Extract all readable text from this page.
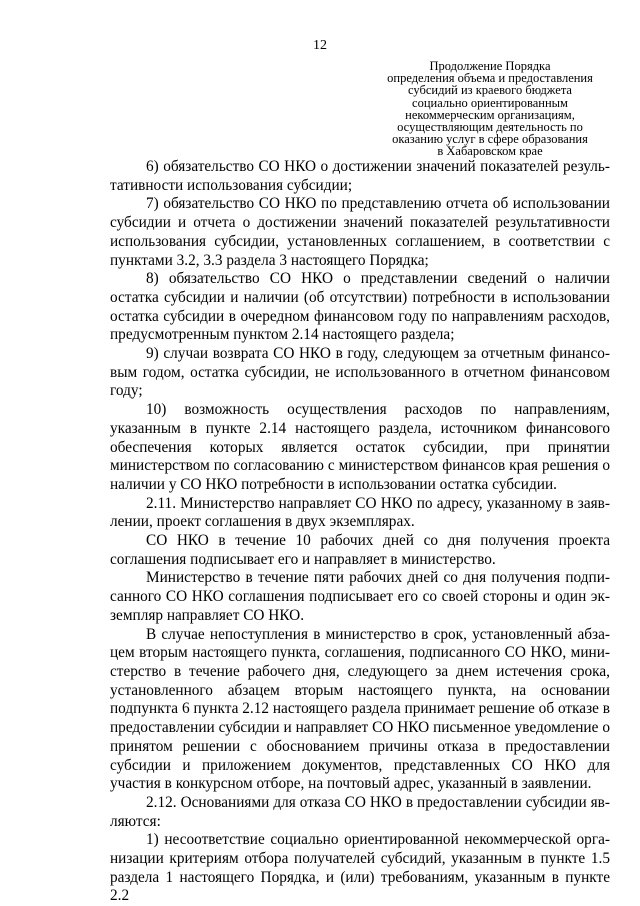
12

Продолжение Порядка
определения объема и предоставления
субсидий из краевого бюджета
социально ориентированным
некоммерческим организациям,
осуществляющим деятельность по
оказанию услуг в сфере образования
в Хабаровском крае

6) обязательство СО НКО о достижении значений показателей результативности использования субсидии;

7) обязательство СО НКО по представлению отчета об использовании субсидии и отчета о достижении значений показателей результативности использования субсидии, установленных соглашением, в соответствии с пунктами 3.2, 3.3 раздела 3 настоящего Порядка;

8) обязательство СО НКО о представлении сведений о наличии остатка субсидии и наличии (об отсутствии) потребности в использовании остатка субсидии в очередном финансовом году по направлениям расходов, предусмотренным пунктом 2.14 настоящего раздела;

9) случаи возврата СО НКО в году, следующем за отчетным финансовым годом, остатка субсидии, не использованного в отчетном финансовом году;

10) возможность осуществления расходов по направлениям, указанным в пункте 2.14 настоящего раздела, источником финансового обеспечения которых является остаток субсидии, при принятии министерством по согласованию с министерством финансов края решения о наличии у СО НКО потребности в использовании остатка субсидии.

2.11. Министерство направляет СО НКО по адресу, указанному в заявлении, проект соглашения в двух экземплярах.

СО НКО в течение 10 рабочих дней со дня получения проекта соглашения подписывает его и направляет в министерство.

Министерство в течение пяти рабочих дней со дня получения подписанного СО НКО соглашения подписывает его со своей стороны и один экземпляр направляет СО НКО.

В случае непоступления в министерство в срок, установленный абзацем вторым настоящего пункта, соглашения, подписанного СО НКО, министерство в течение рабочего дня, следующего за днем истечения срока, установленного абзацем вторым настоящего пункта, на основании подпункта 6 пункта 2.12 настоящего раздела принимает решение об отказе в предоставлении субсидии и направляет СО НКО письменное уведомление о принятом решении с обоснованием причины отказа в предоставлении субсидии и приложением документов, представленных СО НКО для участия в конкурсном отборе, на почтовый адрес, указанный в заявлении.

2.12. Основаниями для отказа СО НКО в предоставлении субсидии являются:

1) несоответствие социально ориентированной некоммерческой организации критериям отбора получателей субсидий, указанным в пункте 1.5 раздела 1 настоящего Порядка, и (или) требованиям, указанным в пункте 2.2
